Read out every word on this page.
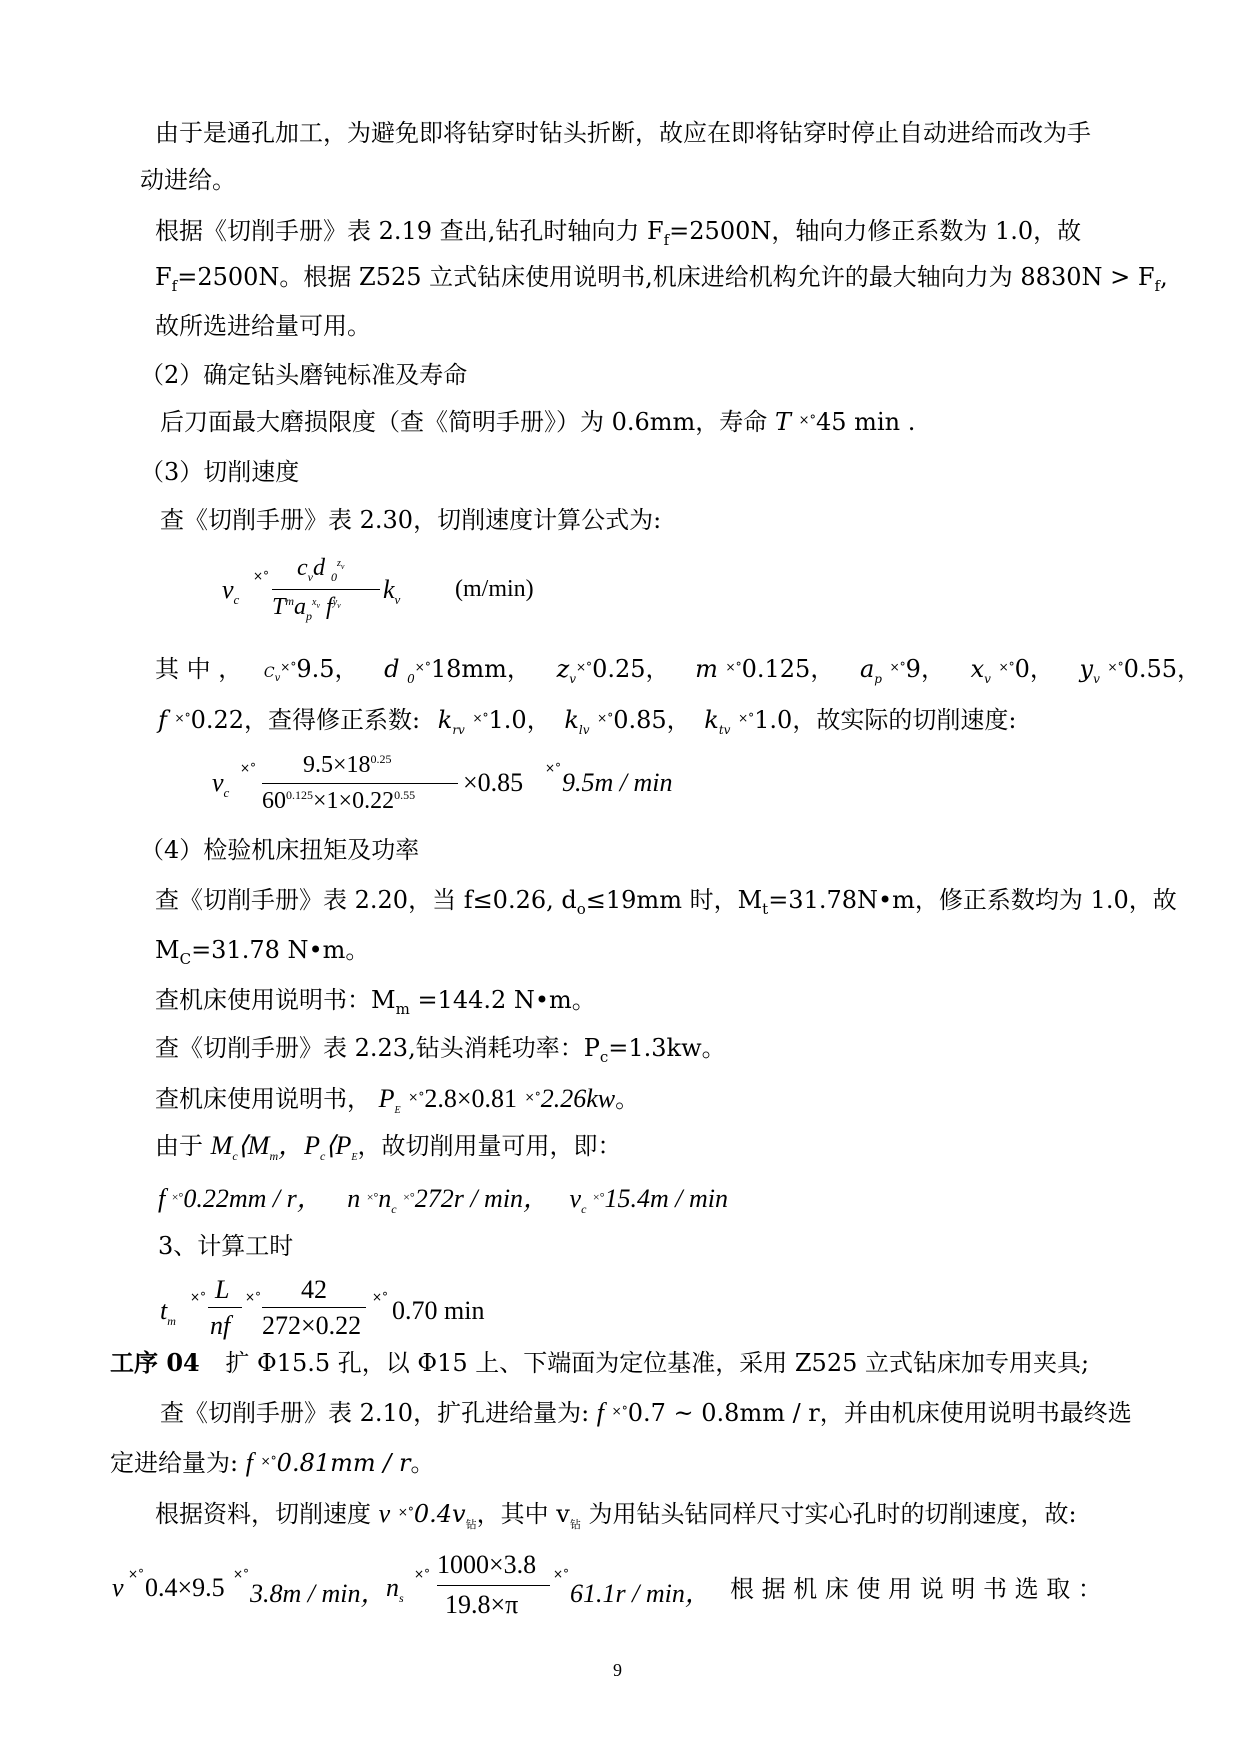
由于是通孔加工，为避免即将钻穿时钻头折断，故应在即将钻穿时停止自动进给而改为手
动进给。
根据《切削手册》表 2.19 查出,钻孔时轴向力 $F_f=2500N$，轴向力修正系数为 1.0，故
$F_f=2500N$。根据 Z525 立式钻床使用说明书,机床进给机构允许的最大轴向力为 $8830N > F_f$,
故所选进给量可用。
（2）确定钻头磨钝标准及寿命
后刀面最大磨损限度（查《简明手册》）为 0.6mm，寿命 T ×°45 min .
（3）切削速度
查《切削手册》表 2.30，切削速度计算公式为:
$v_c$
×° $c_vd$ $_0^{z_v}$
$T^ma_p^{x_v}$ $f^{y_v}$
$k_v$ (m/min)
其 中 ， $C_v^{\times^\circ}9.5$， d $_0$×°18mm， $z_v^{\times^\circ}0.25$， m ×°0.125， $a_p$ ×°9， $x_v$ ×°0， $y_v$ ×°0.55，
f ×°0.22，查得修正系数: $k_{rv}$ ×°1.0， $k_{lv}$ ×°0.85， $k_{tv}$ ×°1.0，故实际的切削速度:
$v_c$
×° $9.5\times 18^{0.25}$
$60^{0.125}\times 1\times 0.22^{0.55} \times 0.85$ ×° 9.5m / min
（4）检验机床扭矩及功率
查《切削手册》表 2.20，当 f≤0.26, $d_o\le 19mm$ 时，$M_t=31.78N•m$，修正系数均为 1.0，故
$M_C=31.78$ N•m。
查机床使用说明书：$M_m =144.2$ N•m。
查《切削手册》表 2.23,钻头消耗功率：$P_c=1.3kw$。
查机床使用说明书， $P_E$ ×°2.8×0.81 ×°2.26kw。
由于 $M_c⟨M_m$，$P_c⟨P_E$，故切削用量可用，即：
f ×°0.22mm / r， n $^{\times^\circ}n_c$ ×°272r / min， $v_c$ ×°15.4m / min
3、计算工时
$t_m$
×° L
nf
×° 42
272×0.22
×° 0.70 min
工序 04 扩 Φ15.5 孔，以 Φ15 上、下端面为定位基准，采用 Z525 立式钻床加专用夹具;
查《切削手册》表 2.10，扩孔进给量为: f ×°0.7 ~ 0.8mm / r，并由机床使用说明书最终选
定进给量为: f ×°0.81mm / r。
根据资料，切削速度 v $^{\times^\circ}0.4v_钻$，其中 $v_钻$ 为用钻头钻同样尺寸实心孔时的切削速度，故:
v ×° 0.4×9.5 ×°
3.8m / min， $n_s$
×° 1000×3.8
19.8×π
×°
61.1r / min， 根 据 机 床 使 用 说 明 书 选 取 ：
9
